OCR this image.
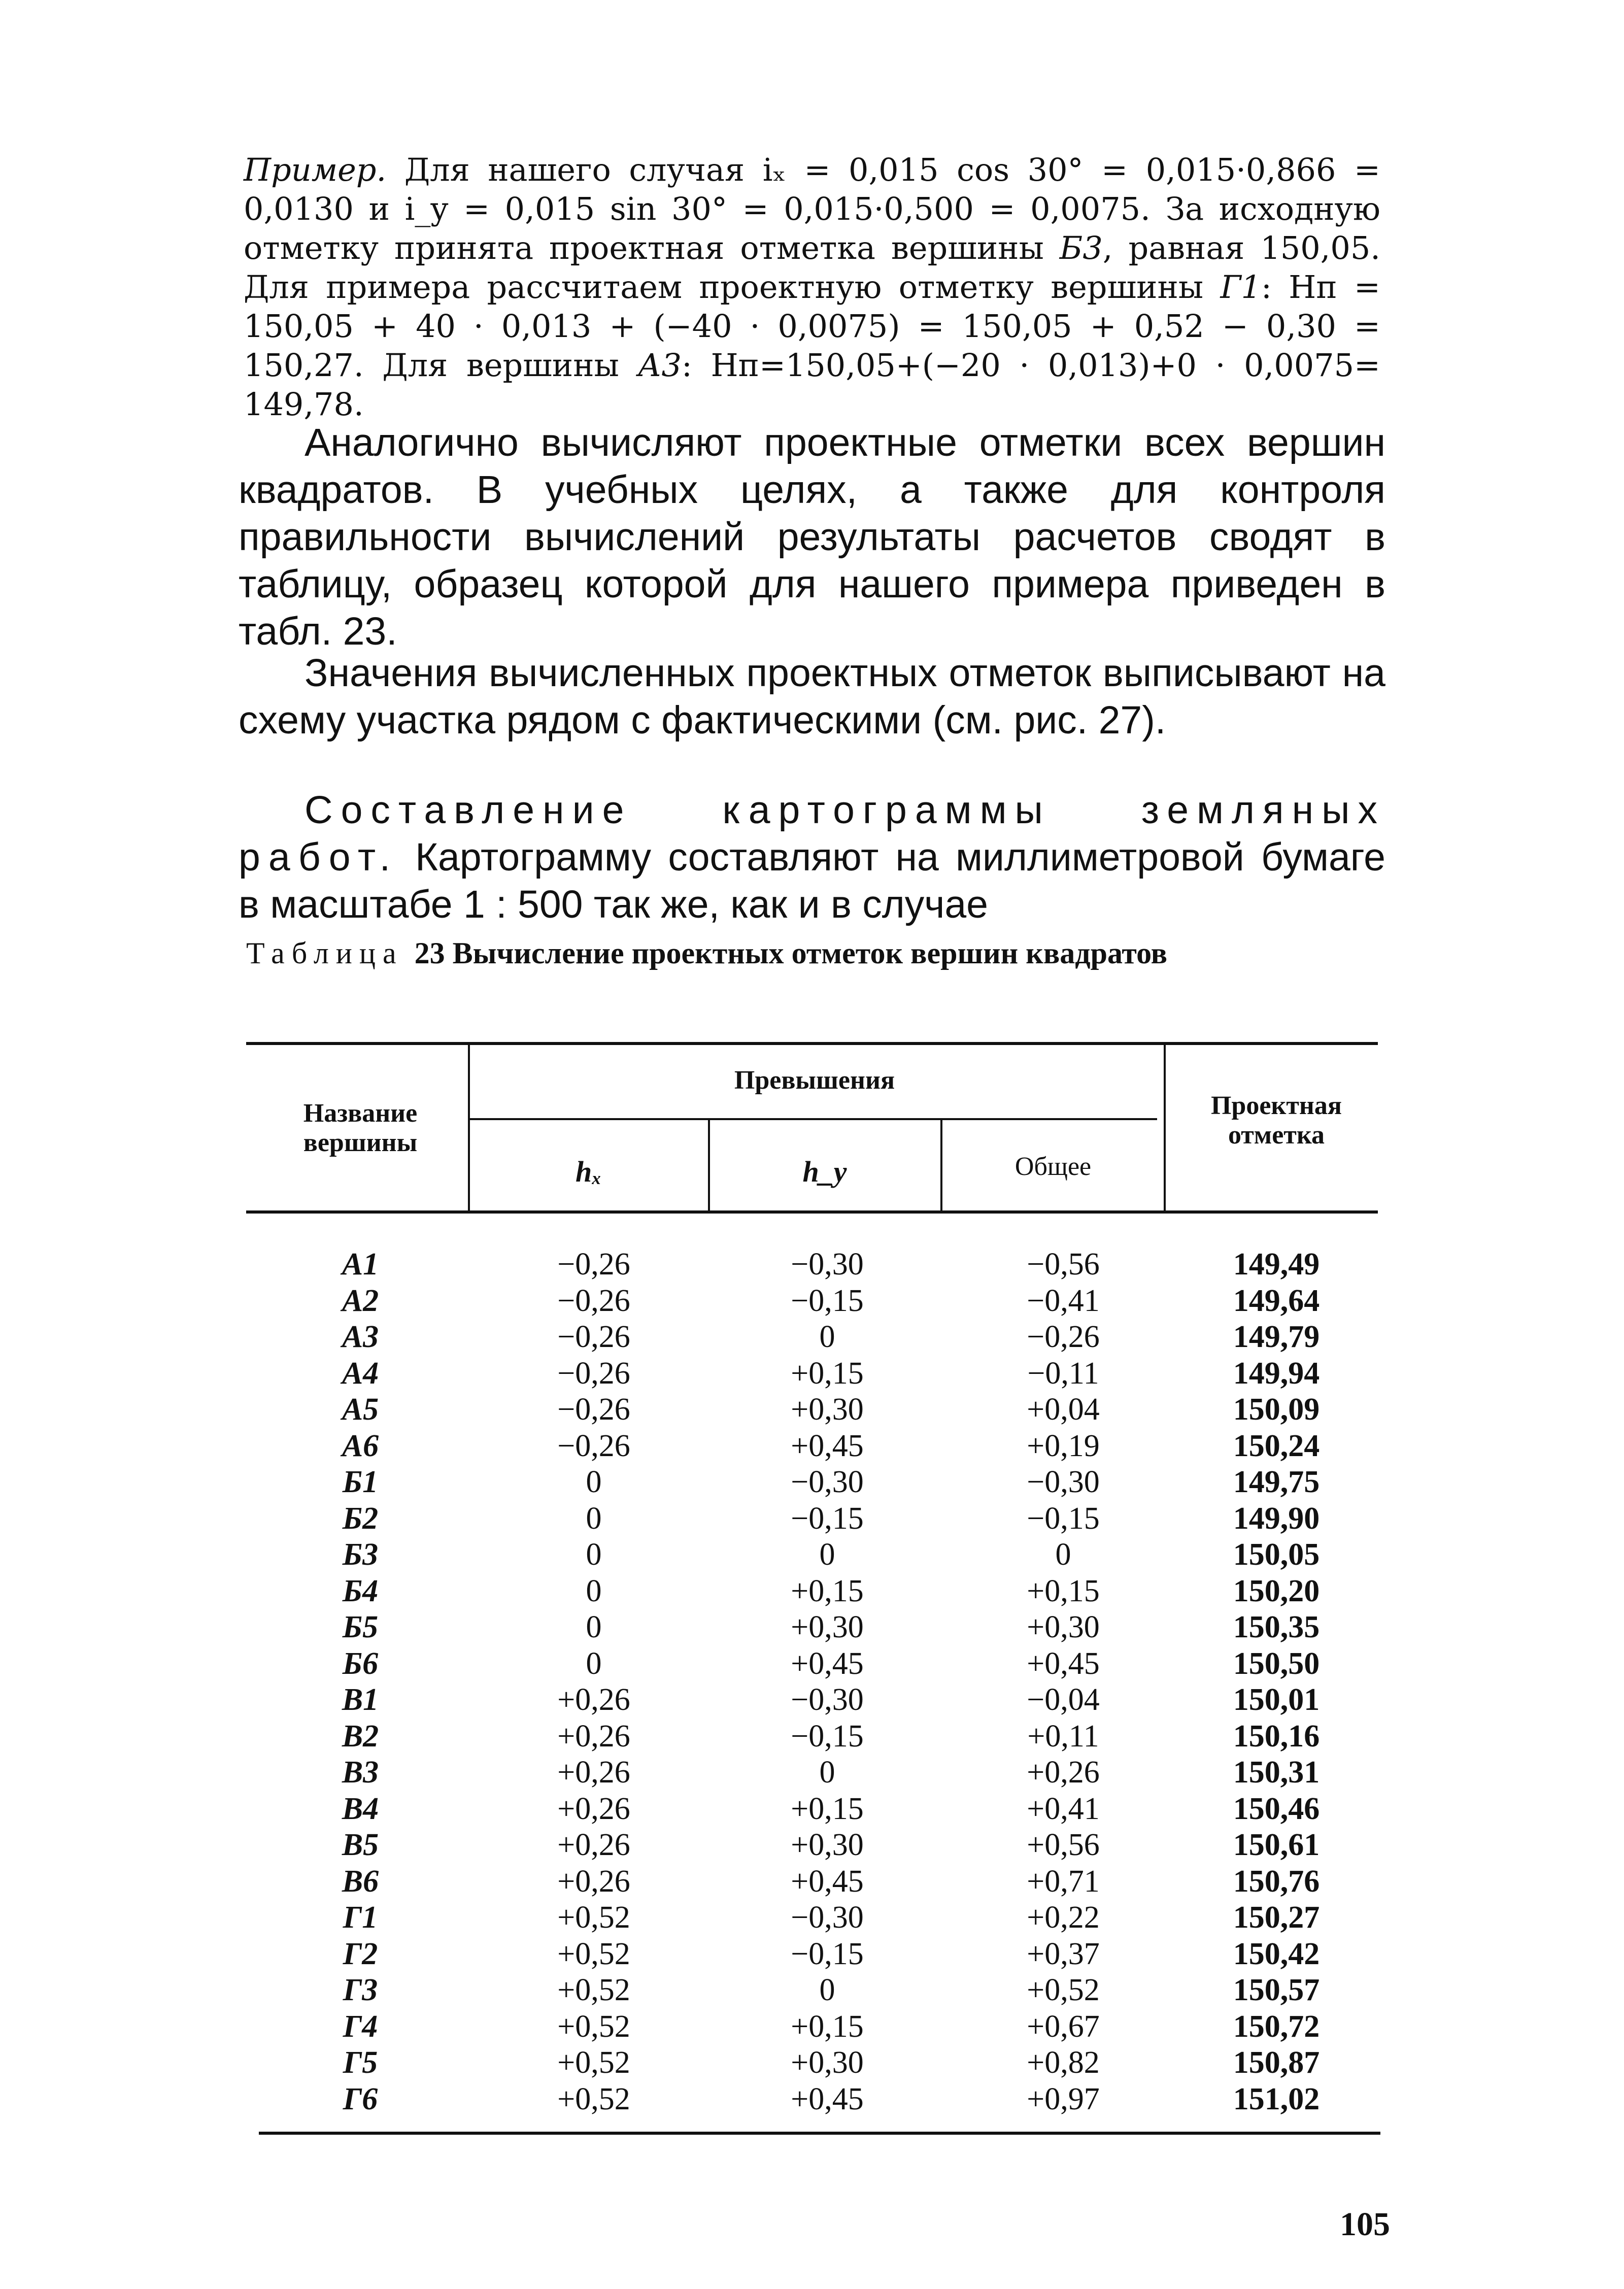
Пример. Для нашего случая iₓ = 0,015 cos 30° = 0,015·0,866 = 0,0130 и i_y = 0,015 sin 30° = 0,015·0,500 = 0,0075. За исходную отметку принята проектная отметка вершины Б3, равная 150,05. Для примера рассчитаем проектную отметку вершины Г1: Hп = 150,05 + 40 · 0,013 + (−40 · 0,0075) = 150,05 + 0,52 − 0,30 = 150,27. Для вершины А3: Hп=150,05+(−20 · 0,013)+0 · 0,0075= 149,78.

Аналогично вычисляют проектные отметки всех вершин квадратов. В учебных целях, а также для контроля правильности вычислений результаты расчетов сводят в таблицу, образец которой для нашего примера приведен в табл. 23.

Значения вычисленных проектных отметок выписывают на схему участка рядом с фактическими (см. рис. 27).

Составление картограммы земляных работ. Картограмму составляют на миллиметровой бумаге в масштабе 1 : 500 так же, как и в случае

Таблица 23 Вычисление проектных отметок вершин квадратов
Название вершины
Превышения
hₓ	h_y	Общее
Проектная отметка
А1	−0,26	−0,30	−0,56	149,49
А2	−0,26	−0,15	−0,41	149,64
А3	−0,26	0	−0,26	149,79
А4	−0,26	+0,15	−0,11	149,94
А5	−0,26	+0,30	+0,04	150,09
А6	−0,26	+0,45	+0,19	150,24
Б1	0	−0,30	−0,30	149,75
Б2	0	−0,15	−0,15	149,90
Б3	0	0	0	150,05
Б4	0	+0,15	+0,15	150,20
Б5	0	+0,30	+0,30	150,35
Б6	0	+0,45	+0,45	150,50
В1	+0,26	−0,30	−0,04	150,01
В2	+0,26	−0,15	+0,11	150,16
В3	+0,26	0	+0,26	150,31
В4	+0,26	+0,15	+0,41	150,46
В5	+0,26	+0,30	+0,56	150,61
В6	+0,26	+0,45	+0,71	150,76
Г1	+0,52	−0,30	+0,22	150,27
Г2	+0,52	−0,15	+0,37	150,42
Г3	+0,52	0	+0,52	150,57
Г4	+0,52	+0,15	+0,67	150,72
Г5	+0,52	+0,30	+0,82	150,87
Г6	+0,52	+0,45	+0,97	151,02
105
